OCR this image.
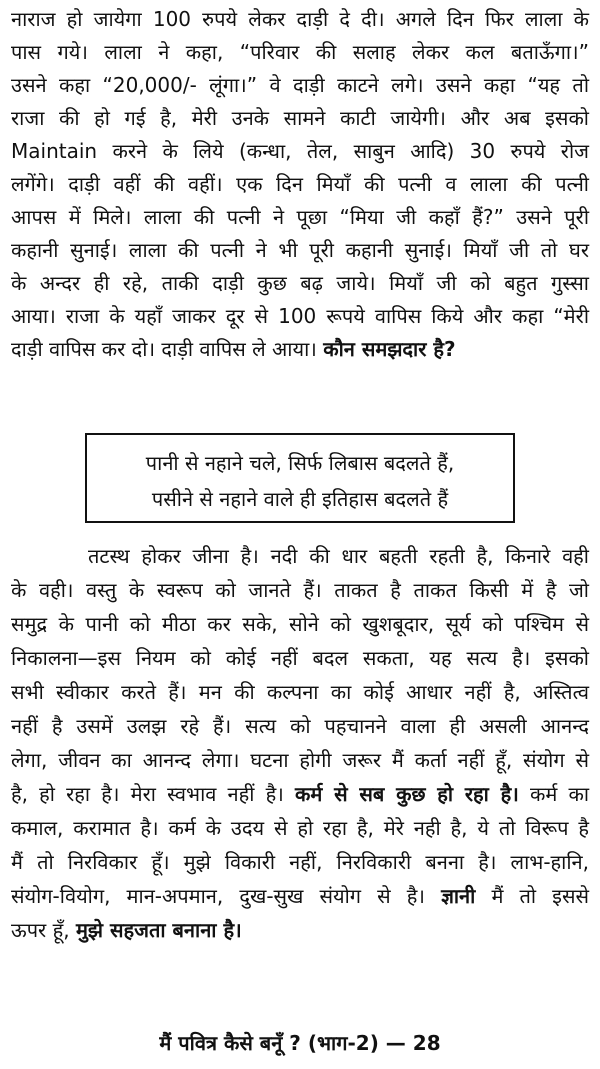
नाराज हो जायेगा 100 रुपये लेकर दाड़ी दे दी। अगले दिन फिर लाला के
पास गये। लाला ने कहा, “परिवार की सलाह लेकर कल बताऊँगा।”
उसने कहा “20,000/- लूंगा।” वे दाड़ी काटने लगे। उसने कहा “यह तो
राजा की हो गई है, मेरी उनके सामने काटी जायेगी। और अब इसको
Maintain करने के लिये (कन्धा, तेल, साबुन आदि) 30 रुपये रोज
लगेंगे। दाड़ी वहीं की वहीं। एक दिन मियाँ की पत्नी व लाला की पत्नी
आपस में मिले। लाला की पत्नी ने पूछा “मिया जी कहाँ हैं?” उसने पूरी
कहानी सुनाई। लाला की पत्नी ने भी पूरी कहानी सुनाई। मियाँ जी तो घर
के अन्दर ही रहे, ताकी दाड़ी कुछ बढ़ जाये। मियाँ जी को बहुत गुस्सा
आया। राजा के यहाँ जाकर दूर से 100 रूपये वापिस किये और कहा “मेरी
दाड़ी वापिस कर दो। दाड़ी वापिस ले आया। कौन समझदार है?
पानी से नहाने चले, सिर्फ लिबास बदलते हैं,
पसीने से नहाने वाले ही इतिहास बदलते हैं
तटस्थ होकर जीना है। नदी की धार बहती रहती है, किनारे वही
के वही। वस्तु के स्वरूप को जानते हैं। ताकत है ताकत किसी में है जो
समुद्र के पानी को मीठा कर सके, सोने को खुशबूदार, सूर्य को पश्चिम से
निकालना—इस नियम को कोई नहीं बदल सकता, यह सत्य है। इसको
सभी स्वीकार करते हैं। मन की कल्पना का कोई आधार नहीं है, अस्तित्व
नहीं है उसमें उलझ रहे हैं। सत्य को पहचानने वाला ही असली आनन्द
लेगा, जीवन का आनन्द लेगा। घटना होगी जरूर मैं कर्ता नहीं हूँ, संयोग से
है, हो रहा है। मेरा स्वभाव नहीं है। कर्म से सब कुछ हो रहा है। कर्म का
कमाल, करामात है। कर्म के उदय से हो रहा है, मेरे नही है, ये तो विरूप है
मैं तो निरविकार हूँ। मुझे विकारी नहीं, निरविकारी बनना है। लाभ-हानि,
संयोग-वियोग, मान-अपमान, दुख-सुख संयोग से है। ज्ञानी मैं तो इससे
ऊपर हूँ, मुझे सहजता बनाना है।
मैं पवित्र कैसे बनूँ ? (भाग-2) — 28
